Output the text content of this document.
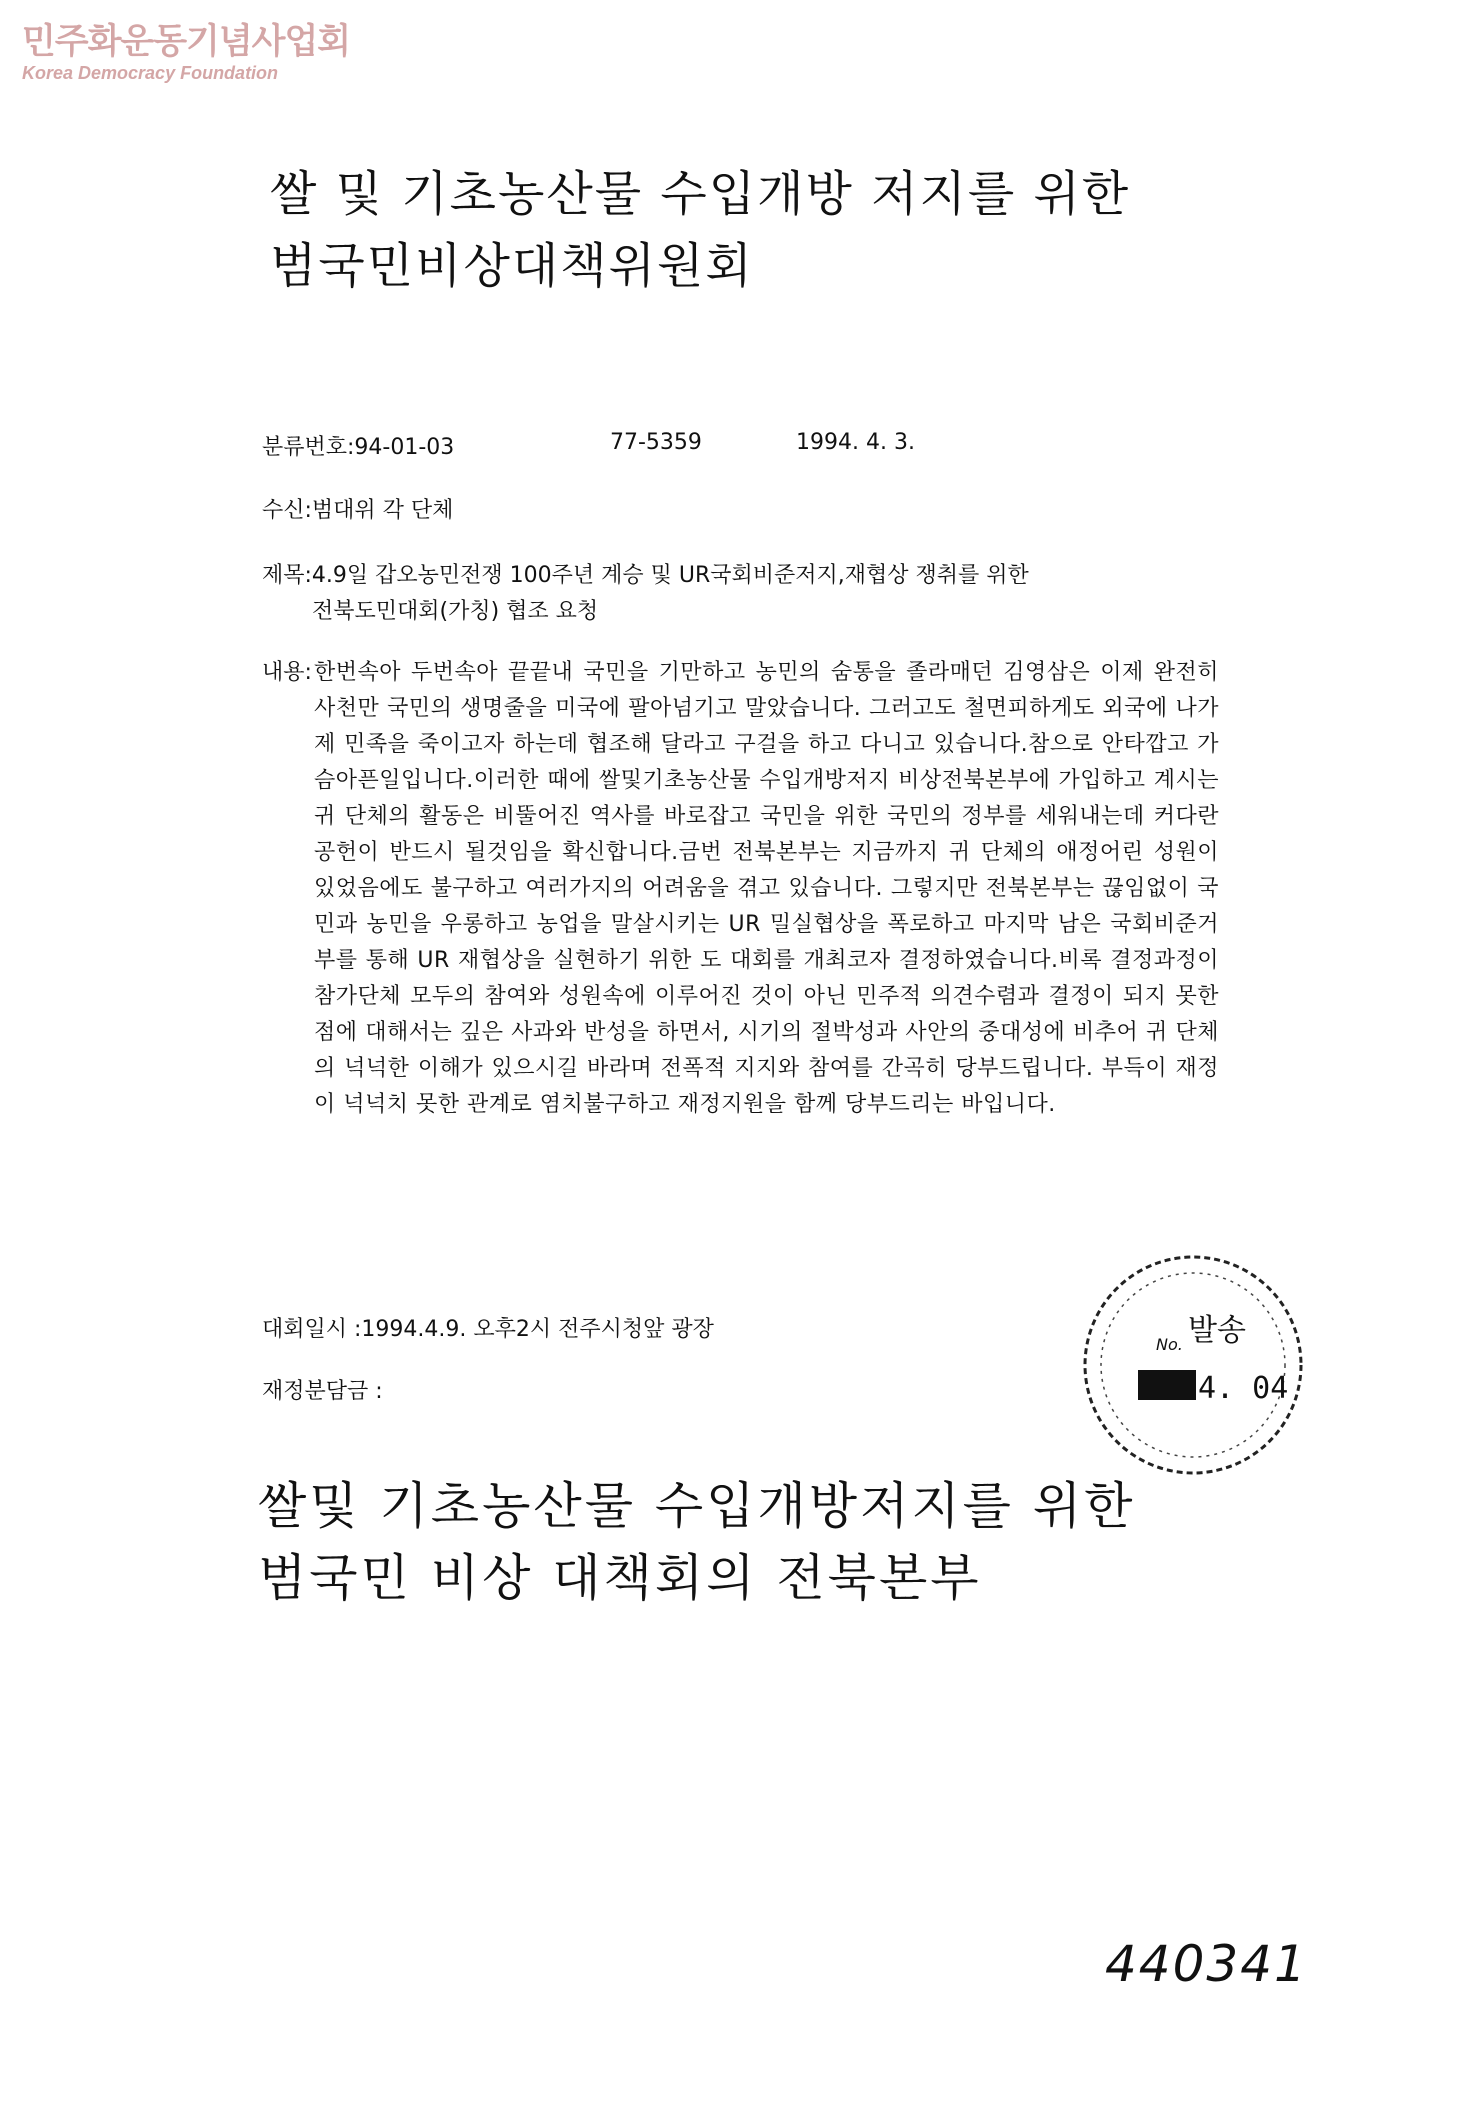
민주화운동기념사업회
Korea Democracy Foundation
쌀 및 기초농산물 수입개방 저지를 위한
범국민비상대책위원회
분류번호:94-01-03	77-5359	1994. 4. 3.
수신:범대위 각 단체
제목:4.9일 갑오농민전쟁 100주년 계승 및 UR국회비준저지,재협상 쟁취를 위한
전북도민대회(가칭) 협조 요청
내용: 한번속아 두번속아 끝끝내 국민을 기만하고 농민의 숨통을 졸라매던 김영삼은 이제 완전히 사천만 국민의 생명줄을 미국에 팔아넘기고 말았습니다. 그러고도 철면피하게도 외국에 나가 제 민족을 죽이고자 하는데 협조해 달라고 구걸을 하고 다니고 있습니다.참으로 안타깝고 가슴아픈일입니다.이러한 때에 쌀및기초농산물 수입개방저지 비상전북본부에 가입하고 계시는 귀 단체의 활동은 비뚤어진 역사를 바로잡고 국민을 위한 국민의 정부를 세워내는데 커다란 공헌이 반드시 될것임을 확신합니다.금번 전북본부는 지금까지 귀 단체의 애정어린 성원이 있었음에도 불구하고 여러가지의 어려움을 겪고 있습니다. 그렇지만 전북본부는 끊임없이 국민과 농민을 우롱하고 농업을 말살시키는 UR 밀실협상을 폭로하고 마지막 남은 국회비준거부를 통해 UR 재협상을 실현하기 위한 도 대회를 개최코자 결정하였습니다.비록 결정과정이 참가단체 모두의 참여와 성원속에 이루어진 것이 아닌 민주적 의견수렴과 결정이 되지 못한 점에 대해서는 깊은 사과와 반성을 하면서, 시기의 절박성과 사안의 중대성에 비추어 귀 단체의 넉넉한 이해가 있으시길 바라며 전폭적 지지와 참여를 간곡히 당부드립니다. 부득이 재정이 넉넉치 못한 관계로 염치불구하고 재정지원을 함께 당부드리는 바입니다.
대회일시 :1994.4.9. 오후2시 전주시청앞 광장
재정분담금 :
No. 발송
4. 04
쌀및 기초농산물 수입개방저지를 위한
범국민 비상 대책회의 전북본부
440341
